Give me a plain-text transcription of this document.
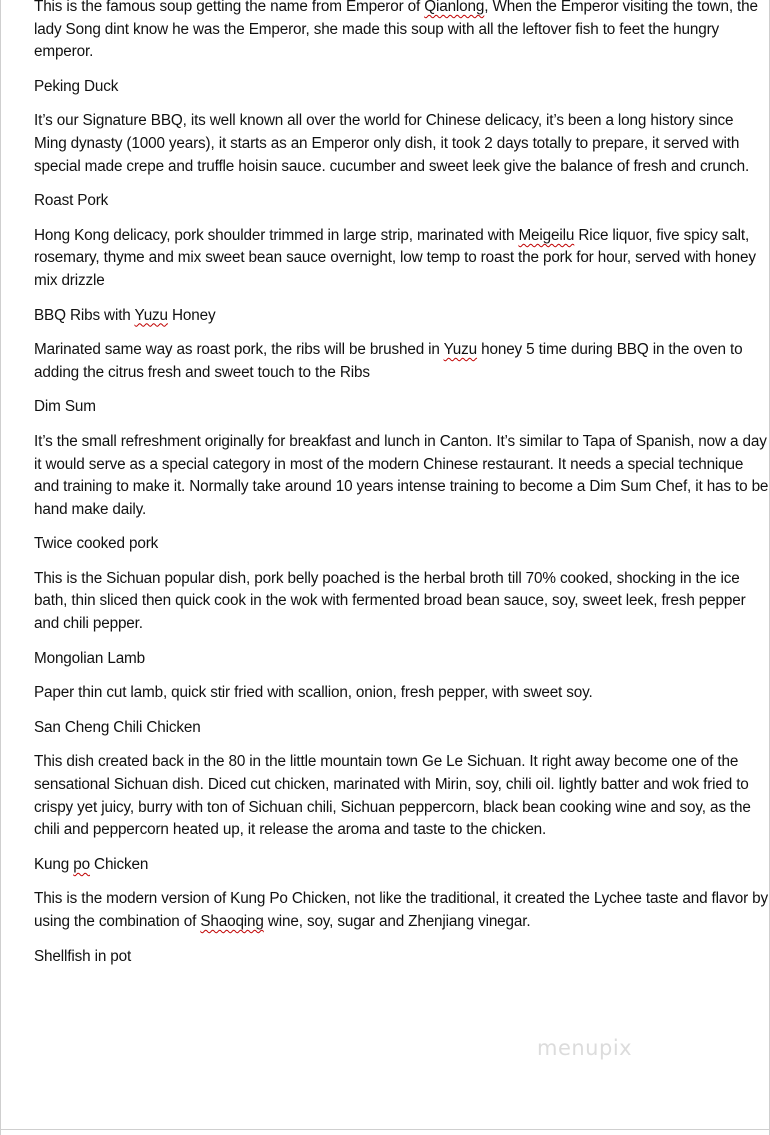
This is the famous soup getting the name from Emperor of Qianlong, When the Emperor visiting the town, the lady Song dint know he was the Emperor, she made this soup with all the leftover fish to feet the hungry emperor.

Peking Duck

It’s our Signature BBQ, its well known all over the world for Chinese delicacy, it’s been a long history since Ming dynasty (1000 years), it starts as an Emperor only dish, it took 2 days totally to prepare, it served with special made crepe and truffle hoisin sauce. cucumber and sweet leek give the balance of fresh and crunch.

Roast Pork

Hong Kong delicacy, pork shoulder trimmed in large strip, marinated with Meigeilu Rice liquor, five spicy salt, rosemary, thyme and mix sweet bean sauce overnight, low temp to roast the pork for hour, served with honey mix drizzle

BBQ Ribs with Yuzu Honey

Marinated same way as roast pork, the ribs will be brushed in Yuzu honey 5 time during BBQ in the oven to adding the citrus fresh and sweet touch to the Ribs

Dim Sum

It’s the small refreshment originally for breakfast and lunch in Canton. It’s similar to Tapa of Spanish, now a day it would serve as a special category in most of the modern Chinese restaurant. It needs a special technique and training to make it. Normally take around 10 years intense training to become a Dim Sum Chef, it has to be hand make daily.

Twice cooked pork

This is the Sichuan popular dish, pork belly poached is the herbal broth till 70% cooked, shocking in the ice bath, thin sliced then quick cook in the wok with fermented broad bean sauce, soy, sweet leek, fresh pepper and chili pepper.

Mongolian Lamb

Paper thin cut lamb, quick stir fried with scallion, onion, fresh pepper, with sweet soy.

San Cheng Chili Chicken

This dish created back in the 80 in the little mountain town Ge Le Sichuan. It right away become one of the sensational Sichuan dish. Diced cut chicken, marinated with Mirin, soy, chili oil. lightly batter and wok fried to crispy yet juicy, burry with ton of Sichuan chili, Sichuan peppercorn, black bean cooking wine and soy, as the chili and peppercorn heated up, it release the aroma and taste to the chicken.

Kung po Chicken

This is the modern version of Kung Po Chicken, not like the traditional, it created the Lychee taste and flavor by using the combination of Shaoqing wine, soy, sugar and Zhenjiang vinegar.

Shellfish in pot

menupix
